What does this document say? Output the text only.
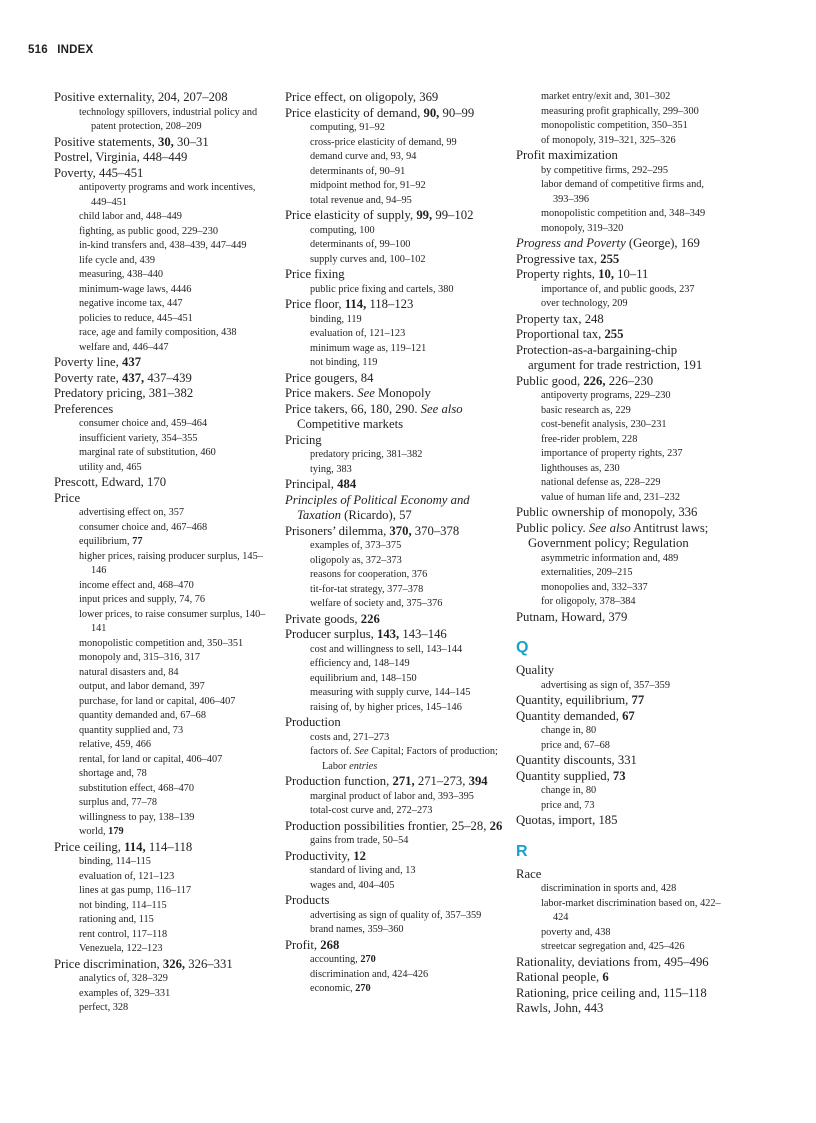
516 INDEX
Positive externality, 204, 207–208
technology spillovers, industrial policy and patent protection, 208–209
Positive statements, 30, 30–31
Postrel, Virginia, 448–449
Poverty, 445–451
antipoverty programs and work incentives, 449–451
child labor and, 448–449
fighting, as public good, 229–230
in-kind transfers and, 438–439, 447–449
life cycle and, 439
measuring, 438–440
minimum-wage laws, 4446
negative income tax, 447
policies to reduce, 445–451
race, age and family composition, 438
welfare and, 446–447
Poverty line, 437
Poverty rate, 437, 437–439
Predatory pricing, 381–382
Preferences
consumer choice and, 459–464
insufficient variety, 354–355
marginal rate of substitution, 460
utility and, 465
Prescott, Edward, 170
Price
advertising effect on, 357
consumer choice and, 467–468
equilibrium, 77
higher prices, raising producer surplus, 145–146
income effect and, 468–470
input prices and supply, 74, 76
lower prices, to raise consumer surplus, 140–141
monopolistic competition and, 350–351
monopoly and, 315–316, 317
natural disasters and, 84
output, and labor demand, 397
purchase, for land or capital, 406–407
quantity demanded and, 67–68
quantity supplied and, 73
relative, 459, 466
rental, for land or capital, 406–407
shortage and, 78
substitution effect, 468–470
surplus and, 77–78
willingness to pay, 138–139
world, 179
Price ceiling, 114, 114–118
binding, 114–115
evaluation of, 121–123
lines at gas pump, 116–117
not binding, 114–115
rationing and, 115
rent control, 117–118
Venezuela, 122–123
Price discrimination, 326, 326–331
analytics of, 328–329
examples of, 329–331
perfect, 328
Price effect, on oligopoly, 369
Price elasticity of demand, 90, 90–99
computing, 91–92
cross-price elasticity of demand, 99
demand curve and, 93, 94
determinants of, 90–91
midpoint method for, 91–92
total revenue and, 94–95
Price elasticity of supply, 99, 99–102
computing, 100
determinants of, 99–100
supply curves and, 100–102
Price fixing
public price fixing and cartels, 380
Price floor, 114, 118–123
binding, 119
evaluation of, 121–123
minimum wage as, 119–121
not binding, 119
Price gougers, 84
Price makers. See Monopoly
Price takers, 66, 180, 290. See also Competitive markets
Pricing
predatory pricing, 381–382
tying, 383
Principal, 484
Principles of Political Economy and Taxation (Ricardo), 57
Prisoners’ dilemma, 370, 370–378
examples of, 373–375
oligopoly as, 372–373
reasons for cooperation, 376
tit-for-tat strategy, 377–378
welfare of society and, 375–376
Private goods, 226
Producer surplus, 143, 143–146
cost and willingness to sell, 143–144
efficiency and, 148–149
equilibrium and, 148–150
measuring with supply curve, 144–145
raising of, by higher prices, 145–146
Production
costs and, 271–273
factors of. See Capital; Factors of production; Labor entries
Production function, 271, 271–273, 394
marginal product of labor and, 393–395
total-cost curve and, 272–273
Production possibilities frontier, 25–28, 26
gains from trade, 50–54
Productivity, 12
standard of living and, 13
wages and, 404–405
Products
advertising as sign of quality of, 357–359
brand names, 359–360
Profit, 268
accounting, 270
discrimination and, 424–426
economic, 270
market entry/exit and, 301–302
measuring profit graphically, 299–300
monopolistic competition, 350–351
of monopoly, 319–321, 325–326
Profit maximization
by competitive firms, 292–295
labor demand of competitive firms and, 393–396
monopolistic competition and, 348–349
monopoly, 319–320
Progress and Poverty (George), 169
Progressive tax, 255
Property rights, 10, 10–11
importance of, and public goods, 237
over technology, 209
Property tax, 248
Proportional tax, 255
Protection-as-a-bargaining-chip argument for trade restriction, 191
Public good, 226, 226–230
antipoverty programs, 229–230
basic research as, 229
cost-benefit analysis, 230–231
free-rider problem, 228
importance of property rights, 237
lighthouses as, 230
national defense as, 228–229
value of human life and, 231–232
Public ownership of monopoly, 336
Public policy. See also Antitrust laws; Government policy; Regulation
asymmetric information and, 489
externalities, 209–215
monopolies and, 332–337
for oligopoly, 378–384
Putnam, Howard, 379
Q
Quality
advertising as sign of, 357–359
Quantity, equilibrium, 77
Quantity demanded, 67
change in, 80
price and, 67–68
Quantity discounts, 331
Quantity supplied, 73
change in, 80
price and, 73
Quotas, import, 185
R
Race
discrimination in sports and, 428
labor-market discrimination based on, 422–424
poverty and, 438
streetcar segregation and, 425–426
Rationality, deviations from, 495–496
Rational people, 6
Rationing, price ceiling and, 115–118
Rawls, John, 443
